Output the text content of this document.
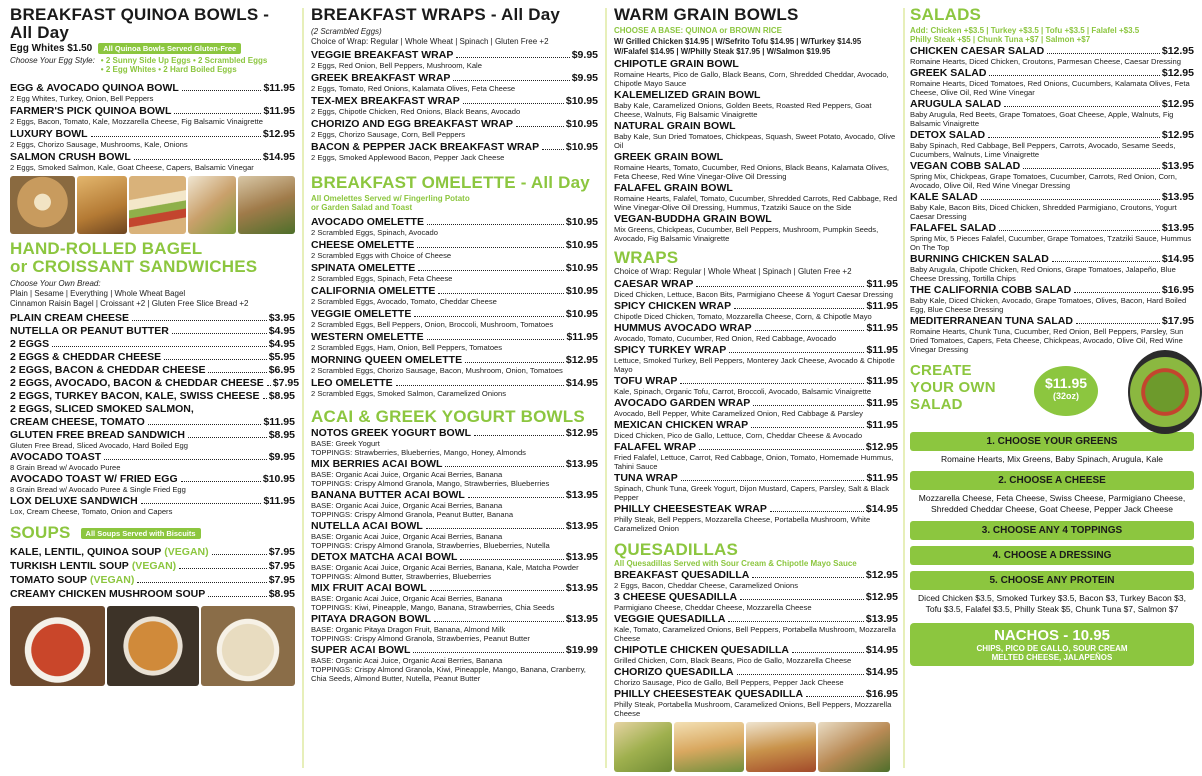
BREAKFAST QUINOA BOWLS - All Day
Egg Whites $1.50	All Quinoa Bowls Served Gluten-Free
Choose Your Egg Style: • 2 Sunny Side Up Eggs • 2 Scrambled Eggs
• 2 Egg Whites • 2 Hard Boiled Eggs
EGG & AVOCADO QUINOA BOWL	$11.95
2 Egg Whites, Turkey, Onion, Bell Peppers
FARMER'S PICK QUINOA BOWL	$11.95
2 Eggs, Bacon, Tomato, Kale, Mozzarella Cheese, Fig Balsamic Vinaigrette
LUXURY BOWL	$12.95
2 Eggs, Chorizo Sausage, Mushrooms, Kale, Onions
SALMON CRUSH BOWL	$14.95
2 Eggs, Smoked Salmon, Kale, Goat Cheese, Capers, Balsamic Vinegar
HAND-ROLLED BAGEL
or CROISSANT SANDWICHES
Choose Your Own Bread:
Plain | Sesame | Everything | Whole Wheat Bagel
Cinnamon Raisin Bagel | Croissant +2 | Gluten Free Slice Bread +2
PLAIN CREAM CHEESE	$3.95
NUTELLA OR PEANUT BUTTER	$4.95
2 EGGS	$4.95
2 EGGS & CHEDDAR CHEESE	$5.95
2 EGGS, BACON & CHEDDAR CHEESE	$6.95
2 EGGS, AVOCADO, BACON & CHEDDAR CHEESE $7.95
2 EGGS, TURKEY BACON, KALE, SWISS CHEESE $8.95
2 EGGS, SLICED SMOKED SALMON,
CREAM CHEESE, TOMATO	$11.95
GLUTEN FREE BREAD SANDWICH	$8.95
Gluten Free Bread, Sliced Avocado, Hard Boiled Egg
AVOCADO TOAST	$9.95
8 Grain Bread w/ Avocado Puree
AVOCADO TOAST W/ FRIED EGG	$10.95
8 Grain Bread w/ Avocado Puree & Single Fried Egg
LOX DELUXE SANDWICH	$11.95
Lox, Cream Cheese, Tomato, Onion and Capers
SOUPS	All Soups Served with Biscuits
KALE, LENTIL, QUINOA SOUP (VEGAN)	$7.95
TURKISH LENTIL SOUP (VEGAN)	$7.95
TOMATO SOUP (VEGAN)	$7.95
CREAMY CHICKEN MUSHROOM SOUP	$8.95
BREAKFAST WRAPS - All Day
(2 Scrambled Eggs)
Choice of Wrap: Regular | Whole Wheat | Spinach | Gluten Free +2
VEGGIE BREAKFAST WRAP	$9.95
2 Eggs, Red Onion, Bell Peppers, Mushroom, Kale
GREEK BREAKFAST WRAP	$9.95
2 Eggs, Tomato, Red Onions, Kalamata Olives, Feta Cheese
TEX-MEX BREAKFAST WRAP	$10.95
2 Eggs, Chipotle Chicken, Red Onions, Black Beans, Avocado
CHORIZO AND EGG BREAKFAST WRAP	$10.95
2 Eggs, Chorizo Sausage, Corn, Bell Peppers
BACON & PEPPER JACK BREAKFAST WRAP	$10.95
2 Eggs, Smoked Applewood Bacon, Pepper Jack Cheese
BREAKFAST OMELETTE - All Day
All Omelettes Served w/ Fingerling Potato
or Garden Salad and Toast
AVOCADO OMELETTE	$10.95
2 Scrambled Eggs, Spinach, Avocado
CHEESE OMELETTE	$10.95
2 Scrambled Eggs with Choice of Cheese
SPINATA OMELETTE	$10.95
2 Scrambled Eggs, Spinach, Feta Cheese
CALIFORNIA OMELETTE	$10.95
2 Scrambled Eggs, Avocado, Tomato, Cheddar Cheese
VEGGIE OMELETTE	$10.95
2 Scrambled Eggs, Bell Peppers, Onion, Broccoli, Mushroom, Tomatoes
WESTERN OMELETTE	$11.95
2 Scrambled Eggs, Ham, Onion, Bell Peppers, Tomatoes
MORNING QUEEN OMELETTE	$12.95
2 Scrambled Eggs, Chorizo Sausage, Bacon, Mushroom, Onion, Tomatoes
LEO OMELETTE	$14.95
2 Scrambled Eggs, Smoked Salmon, Caramelized Onions
ACAI & GREEK YOGURT BOWLS
NOTOS GREEK YOGURT BOWL	$12.95
BASE: Greek Yogurt
TOPPINGS: Strawberries, Blueberries, Mango, Honey, Almonds
MIX BERRIES ACAI BOWL	$13.95
BASE: Organic Acai Juice, Organic Acai Berries, Banana
TOPPINGS: Crispy Almond Granola, Mango, Strawberries, Blueberries
BANANA BUTTER ACAI BOWL	$13.95
BASE: Organic Acai Juice, Organic Acai Berries, Banana
TOPPINGS: Crispy Almond Granola, Peanut Butter, Banana
NUTELLA ACAI BOWL	$13.95
BASE: Organic Acai Juice, Organic Acai Berries, Banana
TOPPINGS: Crispy Almond Granola, Strawberries, Blueberries, Nutella
DETOX MATCHA ACAI BOWL	$13.95
BASE: Organic Acai Juice, Organic Acai Berries, Banana, Kale, Matcha Powder
TOPPINGS: Almond Butter, Strawberries, Blueberries
MIX FRUIT ACAI BOWL	$13.95
BASE: Organic Acai Juice, Organic Acai Berries, Banana
TOPPINGS: Kiwi, Pineapple, Mango, Banana, Strawberries, Chia Seeds
PITAYA DRAGON BOWL	$13.95
BASE: Organic Pitaya Dragon Fruit, Banana, Almond Milk
TOPPINGS: Crispy Almond Granola, Strawberries, Peanut Butter
SUPER ACAI BOWL	$19.99
BASE: Organic Acai Juice, Organic Acai Berries, Banana
TOPPINGS: Crispy Almond Granola, Kiwi, Pineapple, Mango, Banana, Cranberry, Chia Seeds, Almond Butter, Nutella, Peanut Butter
WARM GRAIN BOWLS
CHOOSE A BASE: QUINOA or BROWN RICE
W/ Grilled Chicken $14.95 | W/Sefrito Tofu $14.95 | W/Turkey $14.95
W/Falafel $14.95 | W/Philly Steak $17.95 | W/Salmon $19.95
CHIPOTLE GRAIN BOWL
Romaine Hearts, Pico de Gallo, Black Beans, Corn, Shredded Cheddar, Avocado, Chipotle Mayo Sauce
KALEMELIZED GRAIN BOWL
Baby Kale, Caramelized Onions, Golden Beets, Roasted Red Peppers, Goat Cheese, Walnuts, Fig Balsamic Vinaigrette
NATURAL GRAIN BOWL
Baby Kale, Sun Dried Tomatoes, Chickpeas, Squash, Sweet Potato, Avocado, Olive Oil
GREEK GRAIN BOWL
Romaine Hearts, Tomato, Cucumber, Red Onions, Black Beans, Kalamata Olives, Feta Cheese, Red Wine Vinegar-Olive Oil Dressing
FALAFEL GRAIN BOWL
Romaine Hearts, Falafel, Tomato, Cucumber, Shredded Carrots, Red Cabbage, Red Wine Vinegar-Olive Oil Dressing, Hummus, Tzatziki Sauce on the Side
VEGAN-BUDDHA GRAIN BOWL
Mix Greens, Chickpeas, Cucumber, Bell Peppers, Mushroom, Pumpkin Seeds, Avocado, Fig Balsamic Vinaigrette
WRAPS
Choice of Wrap: Regular | Whole Wheat | Spinach | Gluten Free +2
CAESAR WRAP	$11.95
Diced Chicken, Lettuce, Bacon Bits, Parmigiano Cheese & Yogurt Caesar Dressing
SPICY CHICKEN WRAP	$11.95
Chipotle Diced Chicken, Tomato, Mozzarella Cheese, Corn, & Chipotle Mayo
HUMMUS AVOCADO WRAP	$11.95
Avocado, Tomato, Cucumber, Red Onion, Red Cabbage, Avocado
SPICY TURKEY WRAP	$11.95
Lettuce, Smoked Turkey, Bell Peppers, Monterey Jack Cheese, Avocado & Chipotle Mayo
TOFU WRAP	$11.95
Kale, Spinach, Organic Tofu, Carrot, Broccoli, Avocado, Balsamic Vinaigrette
AVOCADO GARDEN WRAP	$11.95
Avocado, Bell Pepper, White Caramelized Onion, Red Cabbage & Parsley
MEXICAN CHICKEN WRAP	$11.95
Diced Chicken, Pico de Gallo, Lettuce, Corn, Cheddar Cheese & Avocado
FALAFEL WRAP	$12.95
Fried Falafel, Lettuce, Carrot, Red Cabbage, Onion, Tomato, Homemade Hummus, Tahini Sauce
TUNA WRAP	$11.95
Spinach, Chunk Tuna, Greek Yogurt, Dijon Mustard, Capers, Parsley, Salt & Black Pepper
PHILLY CHEESESTEAK WRAP	$14.95
Philly Steak, Bell Peppers, Mozzarella Cheese, Portabella Mushroom, White Caramelized Onion
QUESADILLAS
All Quesadillas Served with Sour Cream & Chipotle Mayo Sauce
BREAKFAST QUESADILLA	$12.95
2 Eggs, Bacon, Cheddar Cheese, Caramelized Onions
3 CHEESE QUESADILLA	$12.95
Parmigiano Cheese, Cheddar Cheese, Mozzarella Cheese
VEGGIE QUESADILLA	$13.95
Kale, Tomato, Caramelized Onions, Bell Peppers, Portabella Mushroom, Mozzarella Cheese
CHIPOTLE CHICKEN QUESADILLA	$14.95
Grilled Chicken, Corn, Black Beans, Pico de Gallo, Mozzarella Cheese
CHORIZO QUESADILLA	$14.95
Chorizo Sausage, Pico de Gallo, Bell Peppers, Pepper Jack Cheese
PHILLY CHEESESTEAK QUESADILLA	$16.95
Philly Steak, Portabella Mushroom, Caramelized Onions, Bell Peppers, Mozzarella Cheese
SALADS
Add: Chicken +$3.5 | Turkey +$3.5 | Tofu +$3.5 | Falafel +$3.5
Philly Steak +$5 | Chunk Tuna +$7 | Salmon +$7
CHICKEN CAESAR SALAD	$12.95
Romaine Hearts, Diced Chicken, Croutons, Parmesan Cheese, Caesar Dressing
GREEK SALAD	$12.95
Romaine Hearts, Diced Tomatoes, Red Onions, Cucumbers, Kalamata Olives, Feta Cheese, Olive Oil, Red Wine Vinegar
ARUGULA SALAD	$12.95
Baby Arugula, Red Beets, Grape Tomatoes, Goat Cheese, Apple, Walnuts, Fig Balsamic Vinaigrette
DETOX SALAD	$12.95
Baby Spinach, Red Cabbage, Bell Peppers, Carrots, Avocado, Sesame Seeds, Cucumbers, Walnuts, Lime Vinaigrette
VEGAN COBB SALAD	$13.95
Spring Mix, Chickpeas, Grape Tomatoes, Cucumber, Carrots, Red Onion, Corn, Avocado, Olive Oil, Red Wine Vinegar Dressing
KALE SALAD	$13.95
Baby Kale, Bacon Bits, Diced Chicken, Shredded Parmigiano, Croutons, Yogurt Caesar Dressing
FALAFEL SALAD	$13.95
Spring Mix, 5 Pieces Falafel, Cucumber, Grape Tomatoes, Tzatziki Sauce, Hummus On The Top
BURNING CHICKEN SALAD	$14.95
Baby Arugula, Chipotle Chicken, Red Onions, Grape Tomatoes, Jalapeño, Blue Cheese Dressing, Tortilla Chips
THE CALIFORNIA COBB SALAD	$16.95
Baby Kale, Diced Chicken, Avocado, Grape Tomatoes, Olives, Bacon, Hard Boiled Egg, Blue Cheese Dressing
MEDITERRANEAN TUNA SALAD	$17.95
Romaine Hearts, Chunk Tuna, Cucumber, Red Onion, Bell Peppers, Parsley, Sun Dried Tomatoes, Capers, Feta Cheese, Chickpeas, Avocado, Olive Oil, Red Wine Vinegar Dressing
CREATE
YOUR OWN
SALAD
$11.95
(32oz)
1. CHOOSE YOUR GREENS
Romaine Hearts, Mix Greens, Baby Spinach, Arugula, Kale
2. CHOOSE A CHEESE
Mozzarella Cheese, Feta Cheese, Swiss Cheese, Parmigiano Cheese, Shredded Cheddar Cheese, Goat Cheese, Pepper Jack Cheese
3. CHOOSE ANY 4 TOPPINGS
4. CHOOSE A DRESSING
5. CHOOSE ANY PROTEIN
Diced Chicken $3.5, Smoked Turkey $3.5, Bacon $3, Turkey Bacon $3, Tofu $3.5, Falafel $3.5, Philly Steak $5, Chunk Tuna $7, Salmon $7
NACHOS - 10.95
CHIPS, PICO DE GALLO, SOUR CREAM
MELTED CHEESE, JALAPEÑOS
